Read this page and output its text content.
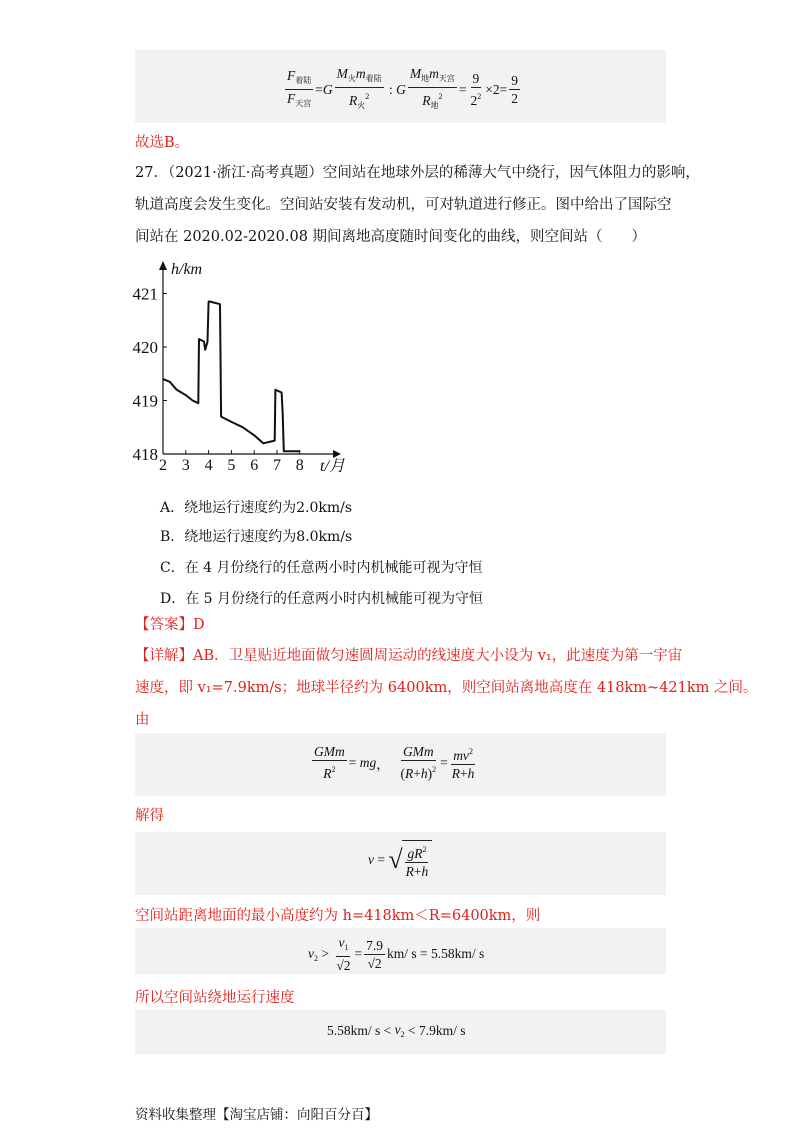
$\frac{F_{着陆}}{F_{天宫}} = G \frac{M_火m_{着陆}}{R_火^2}$ : G $\frac{M_地m_{天宫}}{R_地^2} = \frac{9}{2^2} \times 2= \frac{9}{2}$
故选B。
27．（2021·浙江·高考真题）空间站在地球外层的稀薄大气中绕行，因气体阻力的影响，
轨道高度会发生变化。空间站安装有发动机，可对轨道进行修正。图中给出了国际空
间站在 2020.02-2020.08 期间离地高度随时间变化的曲线，则空间站（　　）
421
420
419
418
2 3 4 5 6 7 8
h/km
t/月
A．绕地运行速度约为2.0km/s
B．绕地运行速度约为8.0km/s
C．在 4 月份绕行的任意两小时内机械能可视为守恒
D．在 5 月份绕行的任意两小时内机械能可视为守恒
【答案】D
【详解】AB．卫星贴近地面做匀速圆周运动的线速度大小设为 v₁，此速度为第一宇宙
速度，即 v₁=7.9km/s；地球半径约为 6400km，则空间站离地高度在 418km~421km 之间。
由
$\frac{\text{GMm}}{R^2}$ = mg ， $\frac{\text{GMm}}{(R+h)^2} = \frac{mv^2}{R+h}$
解得
v = √ $\frac{gR^2}{R+h}$
空间站距离地面的最小高度约为 h=418km＜R=6400km，则
$v_2 > \frac{v_1}{√2} = \frac{7.9}{√2} km/$ s = 5.58km/ s
所以空间站绕地运行速度
5.58km/ $s < v_2 < 7.9km/$ s
资料收集整理【淘宝店铺：向阳百分百】
